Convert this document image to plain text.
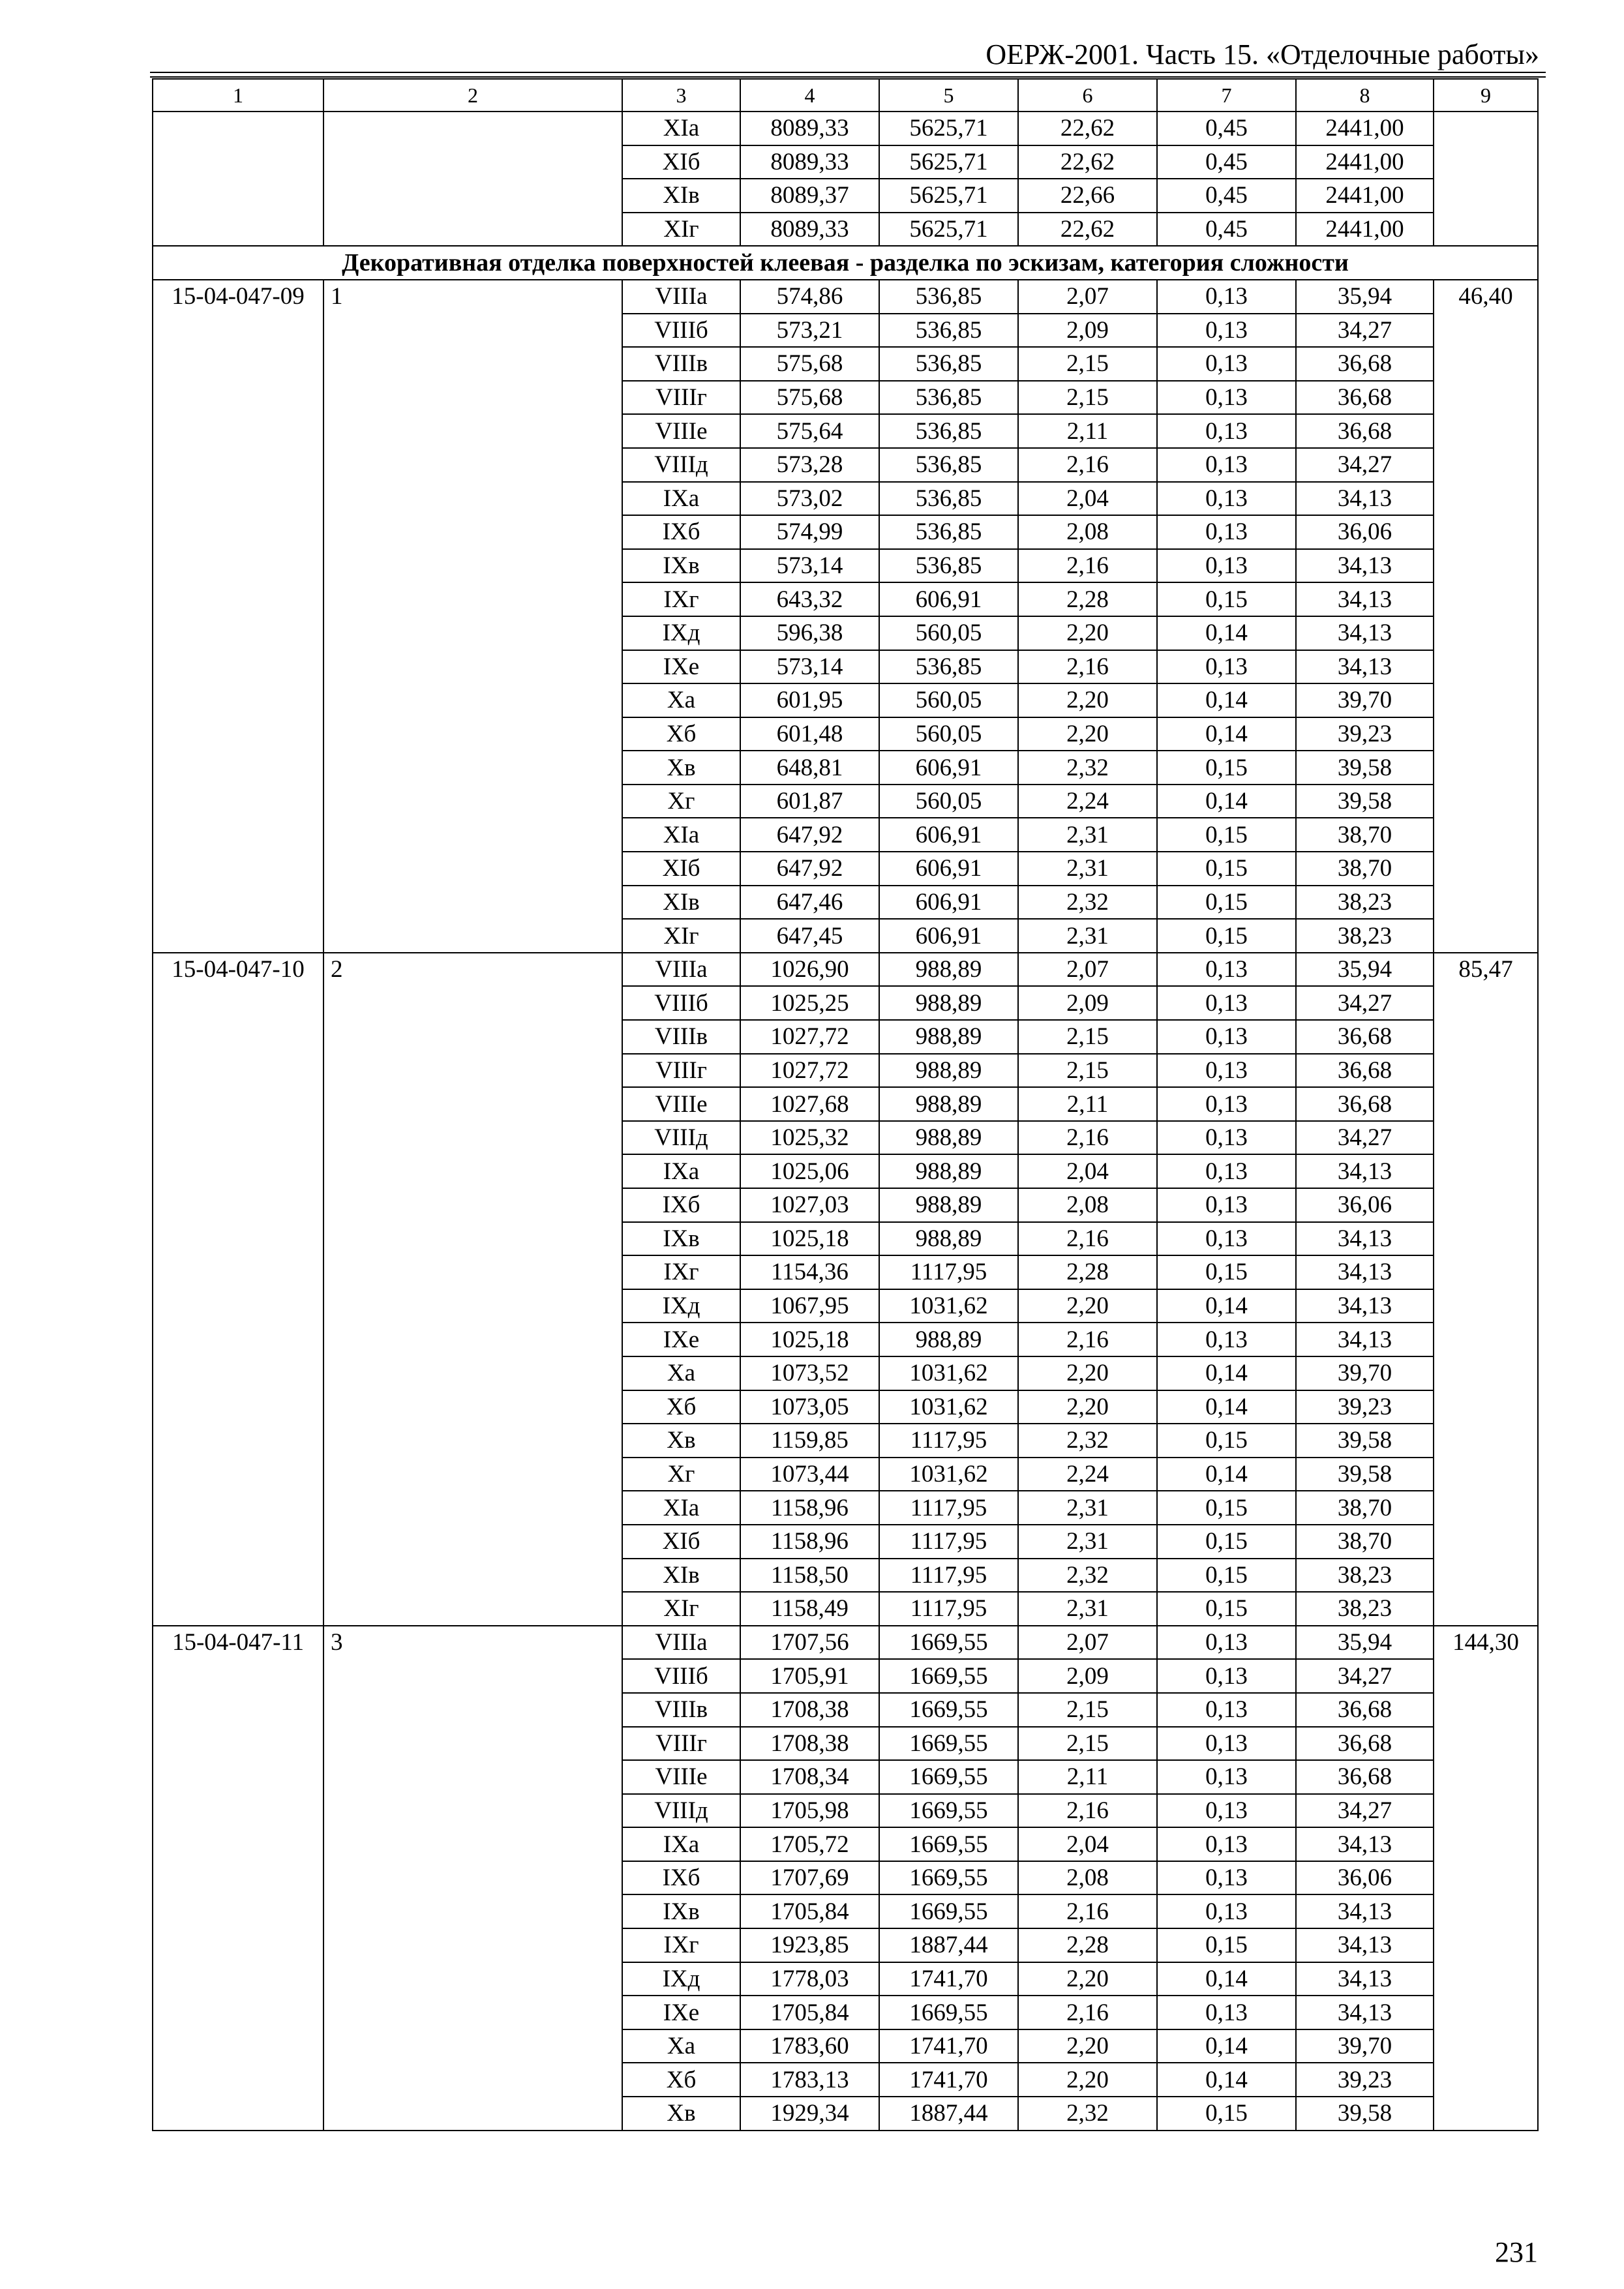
ОЕРЖ-2001. Часть 15. «Отделочные работы»
1	2	3	4	5	6	7	8	9
		XIа	8089,33	5625,71	22,62	0,45	2441,00	
		XIб	8089,33	5625,71	22,62	0,45	2441,00	
		XIв	8089,37	5625,71	22,66	0,45	2441,00	
		XIг	8089,33	5625,71	22,62	0,45	2441,00	
Декоративная отделка поверхностей клеевая - разделка по эскизам, категория сложности								
15-04-047-09	1	VIIIа	574,86	536,85	2,07	0,13	35,94	46,40
		VIIIб	573,21	536,85	2,09	0,13	34,27	
		VIIIв	575,68	536,85	2,15	0,13	36,68	
		VIIIг	575,68	536,85	2,15	0,13	36,68	
		VIIIе	575,64	536,85	2,11	0,13	36,68	
		VIIIд	573,28	536,85	2,16	0,13	34,27	
		IXа	573,02	536,85	2,04	0,13	34,13	
		IXб	574,99	536,85	2,08	0,13	36,06	
		IXв	573,14	536,85	2,16	0,13	34,13	
		IXг	643,32	606,91	2,28	0,15	34,13	
		IXд	596,38	560,05	2,20	0,14	34,13	
		IXе	573,14	536,85	2,16	0,13	34,13	
		Xа	601,95	560,05	2,20	0,14	39,70	
		Xб	601,48	560,05	2,20	0,14	39,23	
		Xв	648,81	606,91	2,32	0,15	39,58	
		Xг	601,87	560,05	2,24	0,14	39,58	
		XIа	647,92	606,91	2,31	0,15	38,70	
		XIб	647,92	606,91	2,31	0,15	38,70	
		XIв	647,46	606,91	2,32	0,15	38,23	
		XIг	647,45	606,91	2,31	0,15	38,23	
15-04-047-10	2	VIIIа	1026,90	988,89	2,07	0,13	35,94	85,47
		VIIIб	1025,25	988,89	2,09	0,13	34,27	
		VIIIв	1027,72	988,89	2,15	0,13	36,68	
		VIIIг	1027,72	988,89	2,15	0,13	36,68	
		VIIIе	1027,68	988,89	2,11	0,13	36,68	
		VIIIд	1025,32	988,89	2,16	0,13	34,27	
		IXа	1025,06	988,89	2,04	0,13	34,13	
		IXб	1027,03	988,89	2,08	0,13	36,06	
		IXв	1025,18	988,89	2,16	0,13	34,13	
		IXг	1154,36	1117,95	2,28	0,15	34,13	
		IXд	1067,95	1031,62	2,20	0,14	34,13	
		IXе	1025,18	988,89	2,16	0,13	34,13	
		Xа	1073,52	1031,62	2,20	0,14	39,70	
		Xб	1073,05	1031,62	2,20	0,14	39,23	
		Xв	1159,85	1117,95	2,32	0,15	39,58	
		Xг	1073,44	1031,62	2,24	0,14	39,58	
		XIа	1158,96	1117,95	2,31	0,15	38,70	
		XIб	1158,96	1117,95	2,31	0,15	38,70	
		XIв	1158,50	1117,95	2,32	0,15	38,23	
		XIг	1158,49	1117,95	2,31	0,15	38,23	
15-04-047-11	3	VIIIа	1707,56	1669,55	2,07	0,13	35,94	144,30
		VIIIб	1705,91	1669,55	2,09	0,13	34,27	
		VIIIв	1708,38	1669,55	2,15	0,13	36,68	
		VIIIг	1708,38	1669,55	2,15	0,13	36,68	
		VIIIе	1708,34	1669,55	2,11	0,13	36,68	
		VIIIд	1705,98	1669,55	2,16	0,13	34,27	
		IXа	1705,72	1669,55	2,04	0,13	34,13	
		IXб	1707,69	1669,55	2,08	0,13	36,06	
		IXв	1705,84	1669,55	2,16	0,13	34,13	
		IXг	1923,85	1887,44	2,28	0,15	34,13	
		IXд	1778,03	1741,70	2,20	0,14	34,13	
		IXе	1705,84	1669,55	2,16	0,13	34,13	
		Xа	1783,60	1741,70	2,20	0,14	39,70	
		Xб	1783,13	1741,70	2,20	0,14	39,23	
		Xв	1929,34	1887,44	2,32	0,15	39,58	
231
